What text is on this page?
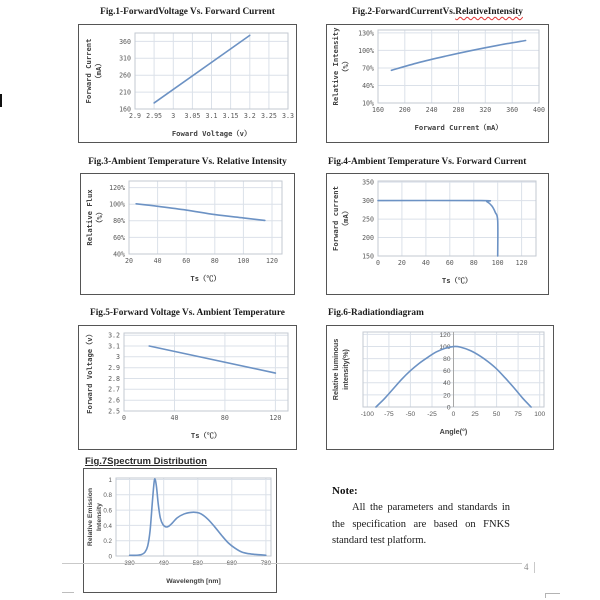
Fig.1-ForwardVoltage Vs. Forward Current
160
210
260
310
360
2.9 2.95 3 3.05 3.1 3.15 3.2 3.25 3.3
Forward Current （mA）
Foward Voltage（v）
Fig.2-ForwardCurrentVs.RelativeIntensity
10%
40%
70%
100%
130%
160 200 240 280 320 360 400
Relative Intensity （%）
Forward Current（mA）
Fig.3-Ambient Temperature Vs. Relative Intensity
40%
60%
80%
100%
120%
20	40	60	80	100	120
Relative Flux （%）
Ts（℃）
Fig.4-Ambient Temperature Vs. Forward Current
150
200
250
300
350
0	20 40 60 80 100 120
Forward current （mA）
Ts（℃）
Fig.5-Forward Voltage Vs. Ambient Temperature
2.5
2.6
2.7
2.8
2.9
3
3.1
3.2
0	40	80	120
Forward Voltage（v）
Ts（℃）
Fig.6-Radiationdiagram
0
20
40
60
80
100
120
-100 -75 -50 -25 0 25 50 75 100
Relative luminous intensity(%)
Angle(°)
Fig.7Spectrum Distribution
0
0.2
0.4
0.6
0.8
1
Relative Emission Intensity
Wavelength [nm]
Note:
All the parameters and standards in the specification are based on FNKS standard test platform.
4
